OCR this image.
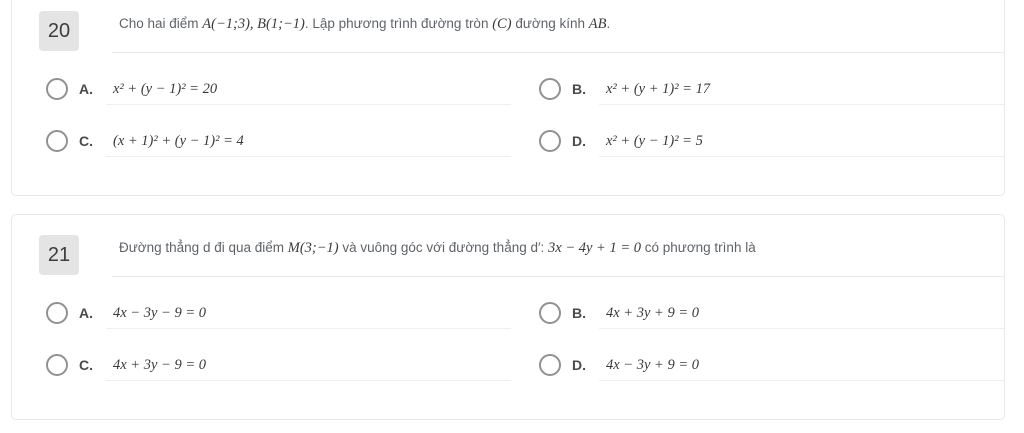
20	Cho hai điểm A(−1;3), B(1;−1). Lập phương trình đường tròn (C) đường kính AB.
A.	x² + (y − 1)² = 20	B.	x² + (y + 1)² = 17
C.	(x + 1)² + (y − 1)² = 4	D.	x² + (y − 1)² = 5
21	Đường thẳng d đi qua điểm M(3;−1) và vuông góc với đường thẳng d′: 3x − 4y + 1 = 0 có phương trình là
A.	4x − 3y − 9 = 0	B.	4x + 3y + 9 = 0
C.	4x + 3y − 9 = 0	D.	4x − 3y + 9 = 0
